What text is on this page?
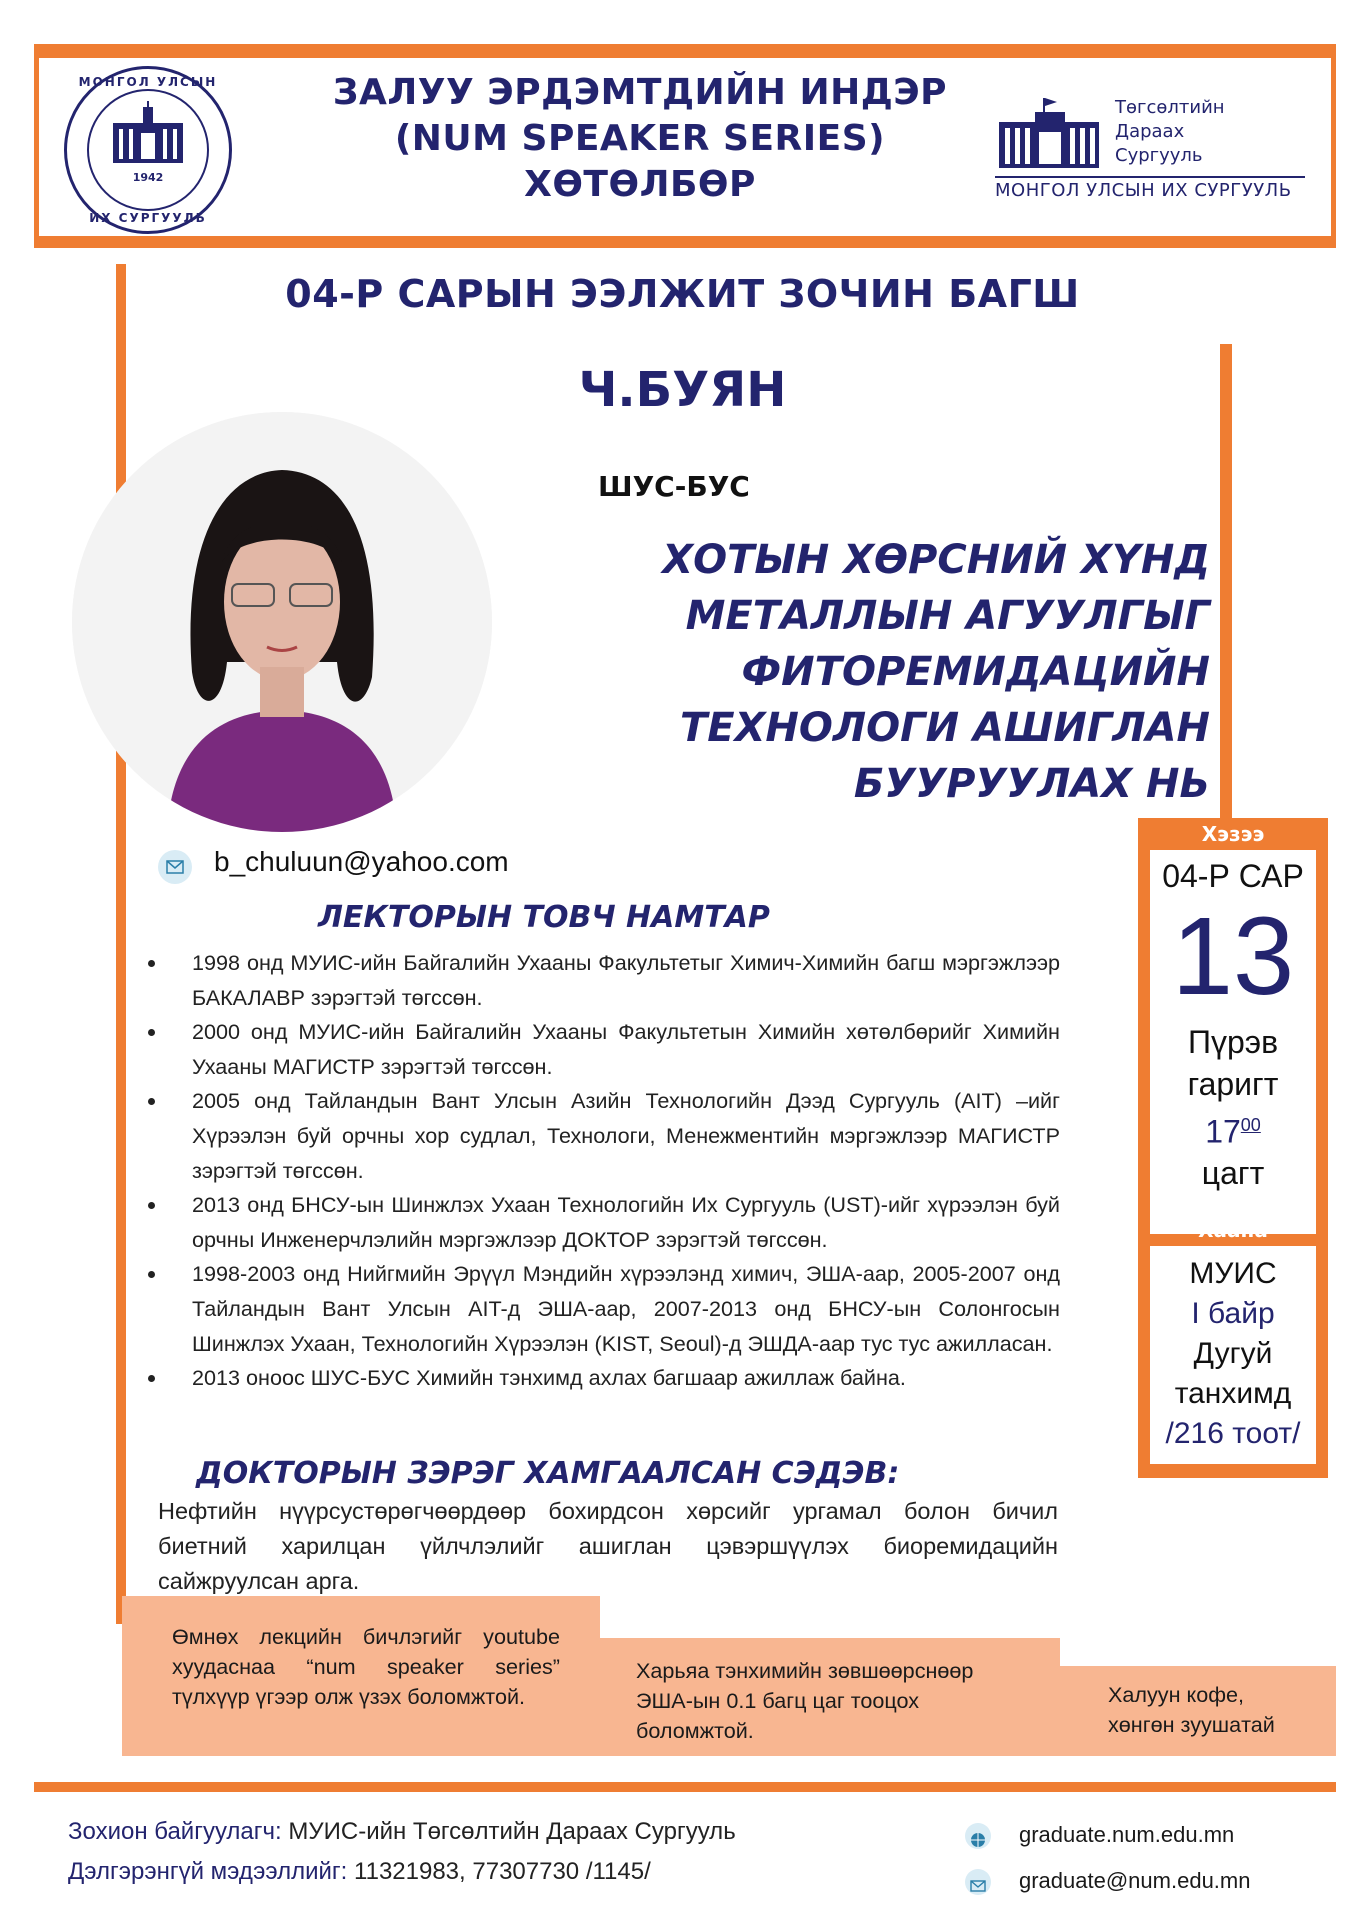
МОНГОЛ УЛСЫН
1942
ИХ СУРГУУЛЬ
ЗАЛУУ ЭРДЭМТДИЙН ИНДЭР
(NUM SPEAKER SERIES)
ХӨТӨЛБӨР
Төгсөлтийн
Дараах
Сургууль
МОНГОЛ УЛСЫН ИХ СУРГУУЛЬ
04-Р САРЫН ЭЭЛЖИТ ЗОЧИН БАГШ
Ч.БУЯН
ШУС-БУС
ХОТЫН ХӨРСНИЙ ХҮНД
МЕТАЛЛЫН АГУУЛГЫГ
ФИТОРЕМИДАЦИЙН
ТЕХНОЛОГИ АШИГЛАН
БУУРУУЛАХ НЬ
b_chuluun@yahoo.com
ЛЕКТОРЫН ТОВЧ НАМТАР
1998 онд МУИС-ийн Байгалийн Ухааны Факультетыг Химич-Химийн багш мэргэжлээр БАКАЛАВР зэрэгтэй төгссөн.
2000 онд МУИС-ийн Байгалийн Ухааны Факультетын Химийн хөтөлбөрийг Химийн Ухааны МАГИСТР зэрэгтэй төгссөн.
2005 онд Тайландын Вант Улсын Азийн Технологийн Дээд Сургууль (AIT) –ийг Хүрээлэн буй орчны хор судлал, Технологи, Менежментийн мэргэжлээр МАГИСТР зэрэгтэй төгссөн.
2013 онд БНСУ-ын Шинжлэх Ухаан Технологийн Их Сургууль (UST)-ийг хүрээлэн буй орчны Инженерчлэлийн мэргэжлээр ДОКТОР зэрэгтэй төгссөн.
1998-2003 онд Нийгмийн Эрүүл Мэндийн хүрээлэнд химич, ЭША-аар, 2005-2007 онд Тайландын Вант Улсын AIT-д ЭША-аар, 2007-2013 онд БНСУ-ын Солонгосын Шинжлэх Ухаан, Технологийн Хүрээлэн (KIST, Seoul)-д ЭШДА-аар тус тус ажилласан.
2013 оноос ШУС-БУС Химийн тэнхимд ахлах багшаар ажиллаж байна.
ДОКТОРЫН ЗЭРЭГ ХАМГААЛСАН СЭДЭВ:
Нефтийн нүүрсустөрөгчөөрдөөр бохирдсон хөрсийг ургамал болон бичил биетний харилцан үйлчлэлийг ашиглан цэвэршүүлэх биоремидацийн сайжруулсан арга.
Хэзээ
04-Р САР
13
Пүрэв
гаригт
$17^{00}$
цагт
Хаана
МУИС
I байр
Дугуй
танхимд
/216 тоот/
Өмнөх лекцийн бичлэгийг youtube хуудаснаа “num speaker series” түлхүүр үгээр олж үзэх боломжтой.
Харьяа тэнхимийн зөвшөөрснөөр ЭША-ын 0.1 багц цаг тооцох боломжтой.
Халуун кофе, хөнгөн зуушaтай
Зохион байгуулагч: МУИС-ийн Төгсөлтийн Дараах Сургууль
Дэлгэрэнгүй мэдээллийг: 11321983, 77307730 /1145/
graduate.num.edu.mn
graduate@num.edu.mn
